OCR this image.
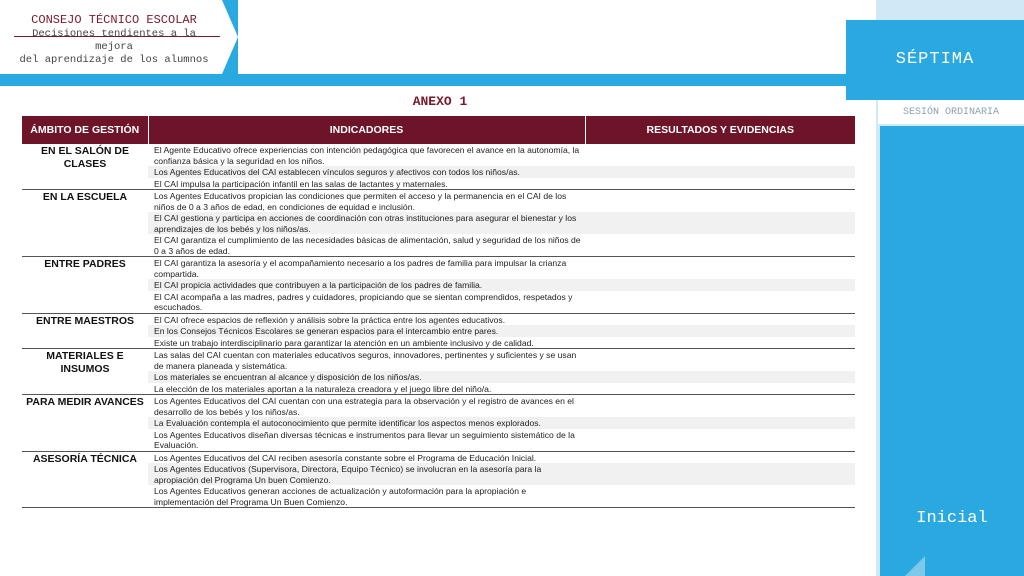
CONSEJO TÉCNICO ESCOLAR
Decisiones tendientes a la
mejora
del aprendizaje de los alumnos	SÉPTIMA
SESIÓN ORDINARIA
Inicial
ANEXO 1
ÁMBITO DE GESTIÓN	INDICADORES	RESULTADOS Y EVIDENCIAS
EN EL SALÓN DE CLASES	El Agente Educativo ofrece experiencias con intención pedagógica que favorecen el avance en la autonomía, la confianza básica y la seguridad en los niños.	
	Los Agentes Educativos del CAI establecen vínculos seguros y afectivos con todos los niños/as.	
	El CAI impulsa la participación infantil en las salas de lactantes y maternales.	
EN LA ESCUELA	Los Agentes Educativos propician las condiciones que permiten el acceso y la permanencia en el CAI de los niños de 0 a 3 años de edad, en condiciones de equidad e inclusión.	
	El CAI gestiona y participa en acciones de coordinación con otras instituciones para asegurar el bienestar y los aprendizajes de los bebés y los niños/as.	
	El CAI garantiza el cumplimiento de las necesidades básicas de alimentación, salud y seguridad de los niños de 0 a 3 años de edad.	
ENTRE PADRES	El CAI garantiza la asesoría y el acompañamiento necesario a los padres de familia para impulsar la crianza compartida.	
	El CAI propicia actividades que contribuyen a la participación de los padres de familia.	
	El CAI acompaña a las madres, padres y cuidadores, propiciando que se sientan comprendidos, respetados y escuchados.	
ENTRE MAESTROS	El CAI ofrece espacios de reflexión y análisis sobre la práctica entre los agentes educativos.	
	En los Consejos Técnicos Escolares se generan espacios para el intercambio entre pares.	
	Existe un trabajo interdisciplinario para garantizar la atención en un ambiente inclusivo y de calidad.	
MATERIALES E INSUMOS	Las salas del CAI cuentan con materiales educativos seguros, innovadores, pertinentes y suficientes y se usan de manera planeada y sistemática.	
	Los materiales se encuentran al alcance y disposición de los niños/as.	
	La elección de los materiales aportan a la naturaleza creadora y el juego libre del niño/a.	
PARA MEDIR AVANCES	Los Agentes Educativos del CAI cuentan con una estrategia para la observación y el registro de avances en el desarrollo de los bebés y los niños/as.	
	La Evaluación contempla el autoconocimiento que permite identificar los aspectos menos explorados.	
	Los Agentes Educativos diseñan diversas técnicas e instrumentos para llevar un seguimiento sistemático de la Evaluación.	
ASESORÍA TÉCNICA	Los Agentes Educativos del CAI reciben asesoría constante sobre el Programa de Educación Inicial.	
	Los Agentes Educativos (Supervisora, Directora, Equipo Técnico) se involucran en la asesoría para la apropiación del Programa Un buen Comienzo.	
	Los Agentes Educativos generan acciones de actualización y autoformación para la apropiación e implementación del Programa Un Buen Comienzo.	
